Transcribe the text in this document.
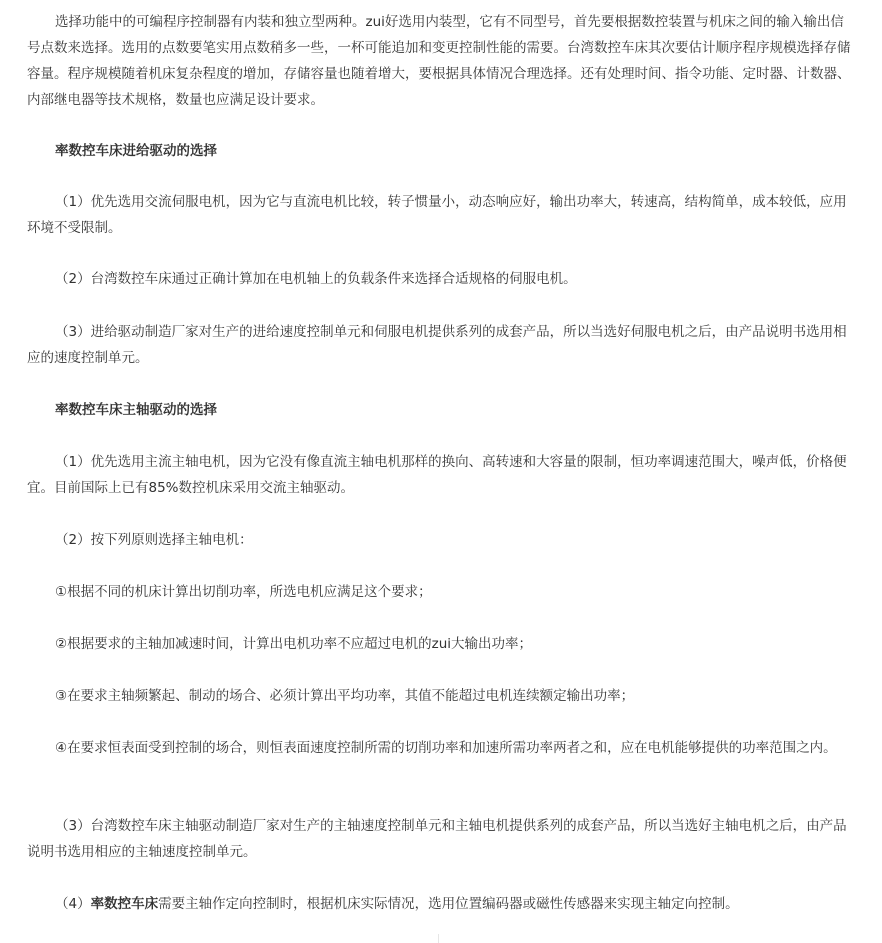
选择功能中的可编程序控制器有内装和独立型两种。zui好选用内装型，它有不同型号，首先要根据数控装置与机床之间的输入输出信号点数来选择。选用的点数要笔实用点数稍多一些，一杯可能追加和变更控制性能的需要。台湾数控车床其次要估计顺序程序规模选择存储容量。程序规模随着机床复杂程度的增加，存储容量也随着增大，要根据具体情况合理选择。还有处理时间、指令功能、定时器、计数器、内部继电器等技术规格，数量也应满足设计要求。

率数控车床进给驱动的选择

（1）优先选用交流伺服电机，因为它与直流电机比较，转子惯量小，动态响应好，输出功率大，转速高，结构简单，成本较低，应用环境不受限制。

（2）台湾数控车床通过正确计算加在电机轴上的负载条件来选择合适规格的伺服电机。

（3）进给驱动制造厂家对生产的进给速度控制单元和伺服电机提供系列的成套产品，所以当选好伺服电机之后，由产品说明书选用相应的速度控制单元。

率数控车床主轴驱动的选择

（1）优先选用主流主轴电机，因为它没有像直流主轴电机那样的换向、高转速和大容量的限制，恒功率调速范围大，噪声低，价格便宜。目前国际上已有85%数控机床采用交流主轴驱动。

（2）按下列原则选择主轴电机：

①根据不同的机床计算出切削功率，所选电机应满足这个要求；

②根据要求的主轴加减速时间，计算出电机功率不应超过电机的zui大输出功率；

③在要求主轴频繁起、制动的场合、必须计算出平均功率，其值不能超过电机连续额定输出功率；

④在要求恒表面受到控制的场合，则恒表面速度控制所需的切削功率和加速所需功率两者之和，应在电机能够提供的功率范围之内。

（3）台湾数控车床主轴驱动制造厂家对生产的主轴速度控制单元和主轴电机提供系列的成套产品，所以当选好主轴电机之后，由产品说明书选用相应的主轴速度控制单元。

（4）率数控车床需要主轴作定向控制时，根据机床实际情况，选用位置编码器或磁性传感器来实现主轴定向控制。
